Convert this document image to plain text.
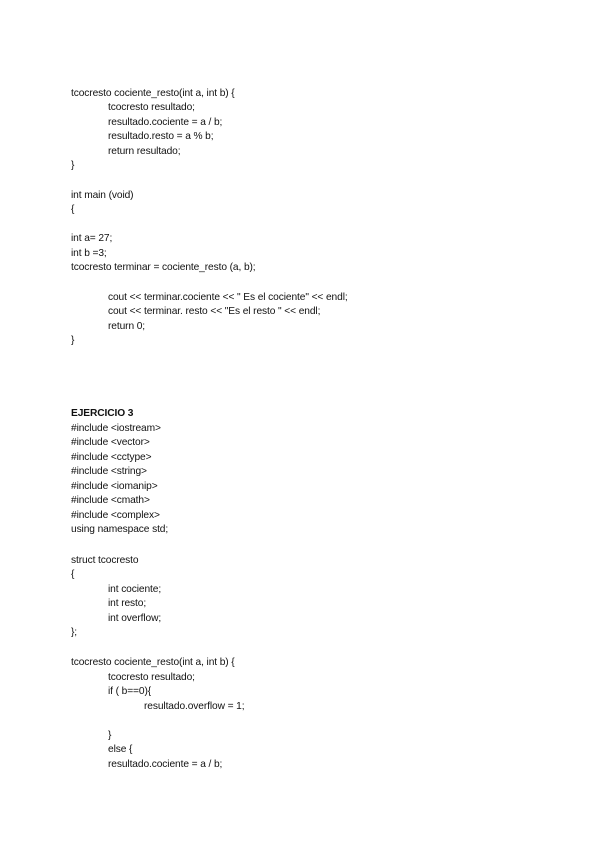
tcocresto cociente_resto(int a, int b) {
tcocresto resultado;
resultado.cociente = a / b;
resultado.resto = a % b;
return resultado;
}
int main (void)
{
int a= 27;
int b =3;
tcocresto terminar = cociente_resto (a, b);
cout << terminar.cociente << " Es el cociente" << endl;
cout << terminar. resto << "Es el resto " << endl;
return 0;
}
EJERCICIO 3
#include <iostream>
#include <vector>
#include <cctype>
#include <string>
#include <iomanip>
#include <cmath>
#include <complex>
using namespace std;
struct tcocresto
{
int cociente;
int resto;
int overflow;
};
tcocresto cociente_resto(int a, int b) {
tcocresto resultado;
if ( b==0){
resultado.overflow = 1;
}
else {
resultado.cociente = a / b;
